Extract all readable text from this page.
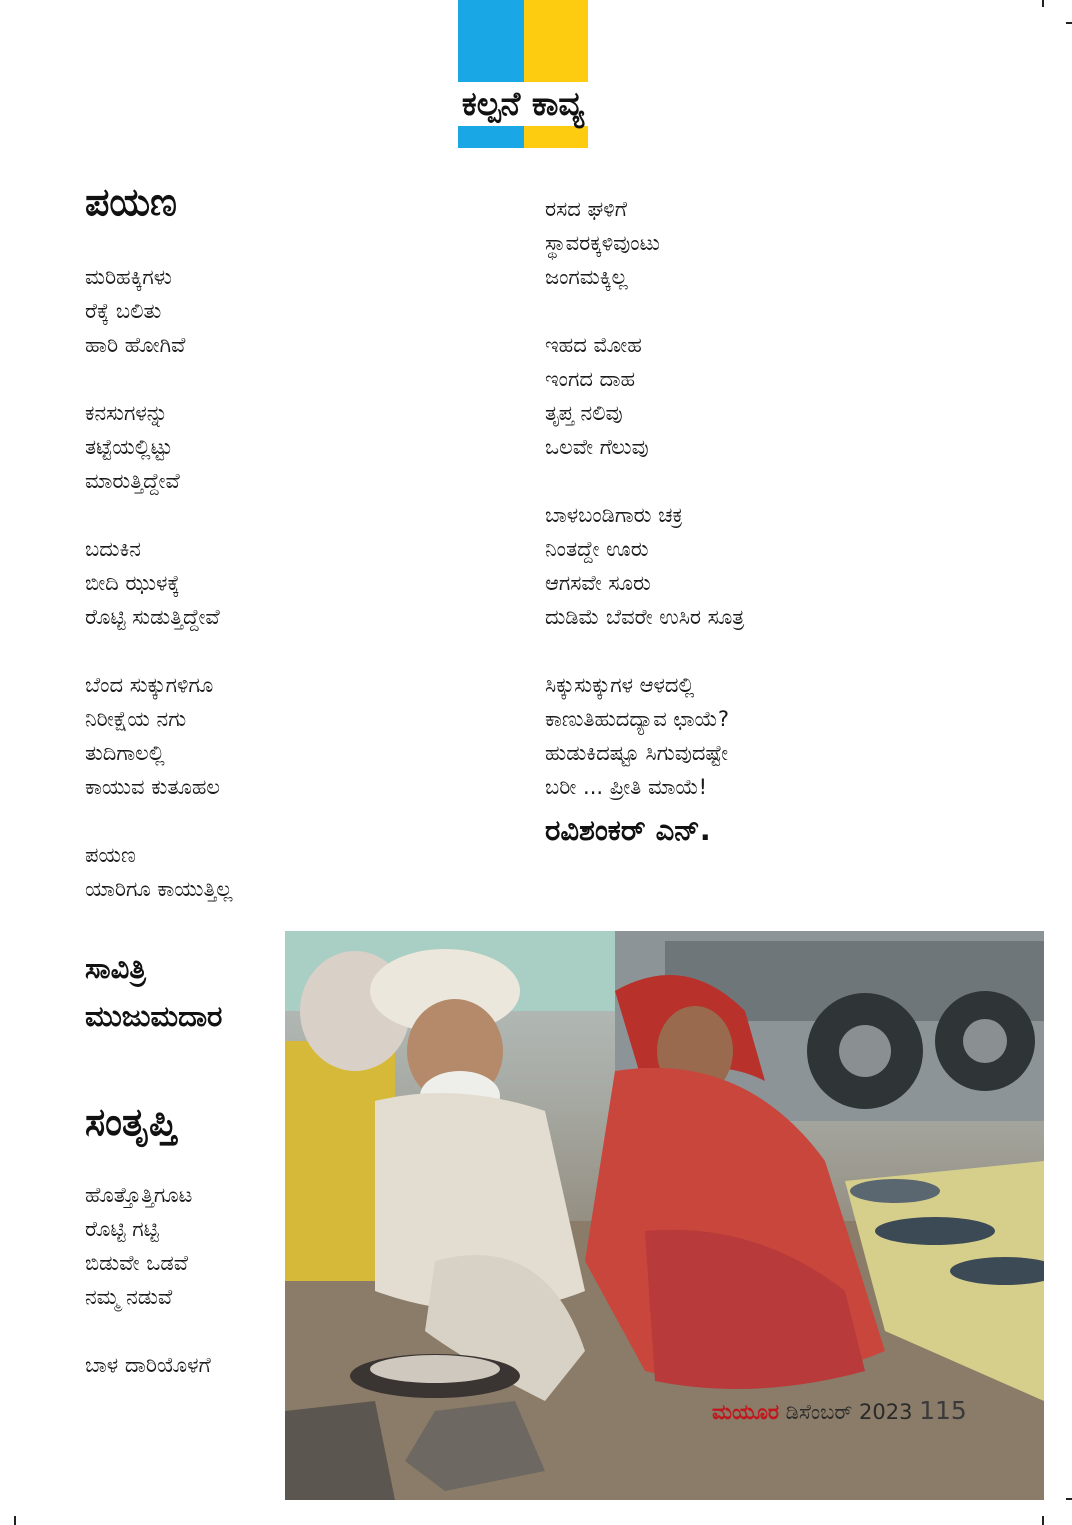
ಕಲ್ಪನೆ ಕಾವ್ಯ
ಪಯಣ
ಮರಿಹಕ್ಕಿಗಳು
ರೆಕ್ಕೆ ಬಲಿತು
ಹಾರಿ ಹೋಗಿವೆ
ಕನಸುಗಳನ್ನು
ತಟ್ಟೆಯಲ್ಲಿಟ್ಟು
ಮಾರುತ್ತಿದ್ದೇವೆ
ಬದುಕಿನ
ಬೀದಿ ಝುಳಕ್ಕೆ
ರೊಟ್ಟಿ ಸುಡುತ್ತಿದ್ದೇವೆ
ಬೆಂದ ಸುಕ್ಕುಗಳಿಗೂ
ನಿರೀಕ್ಷೆಯ ನಗು
ತುದಿಗಾಲಲ್ಲಿ
ಕಾಯುವ ಕುತೂಹಲ
ಪಯಣ
ಯಾರಿಗೂ ಕಾಯುತ್ತಿಲ್ಲ
ಸಾವಿತ್ರಿ
ಮುಜುಮದಾರ
ಸಂತೃಪ್ತಿ
ಹೊತ್ತೊತ್ತಿಗೂಟ
ರೊಟ್ಟಿ ಗಟ್ಟಿ
ಬಿಡುವೇ ಒಡವೆ
ನಮ್ಮ ನಡುವೆ
ಬಾಳ ದಾರಿಯೊಳಗೆ
ರಸದ ಘಳಿಗೆ
ಸ್ಥಾವರಕ್ಕಳಿವುಂಟು
ಜಂಗಮಕ್ಕಿಲ್ಲ
ಇಹದ ಮೋಹ
ಇಂಗದ ದಾಹ
ತೃಪ್ತ ನಲಿವು
ಒಲವೇ ಗೆಲುವು
ಬಾಳಬಂಡಿಗಾರು ಚಕ್ರ
ನಿಂತದ್ದೇ ಊರು
ಆಗಸವೇ ಸೂರು
ದುಡಿಮೆ ಬೆವರೇ ಉಸಿರ ಸೂತ್ರ
ಸಿಕ್ಕುಸುಕ್ಕುಗಳ ಆಳದಲ್ಲಿ
ಕಾಣುತಿಹುದದ್ಯಾವ ಛಾಯೆ?
ಹುಡುಕಿದಷ್ಟೂ ಸಿಗುವುದಷ್ಟೇ
ಬರೀ ... ಪ್ರೀತಿ ಮಾಯೆ!
ರವಿಶಂಕರ್ ಎನ್.
ಮಯೂರ ಡಿಸೆಂಬರ್ 2023 115
